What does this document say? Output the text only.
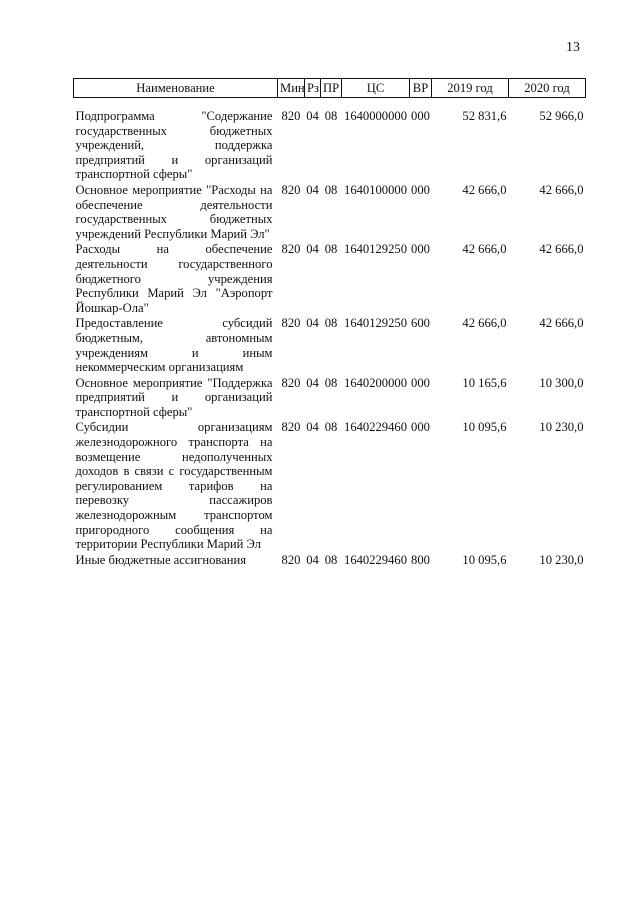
13
Наименование	Мин	Рз	ПР	ЦС	ВР	2019 год	2020 год
Подпрограмма "Содержание государственных бюджетных учреждений, поддержка предприятий и организаций транспортной сферы"	820	04	08	1640000000	000	52 831,6	52 966,0
Основное мероприятие "Расходы на обеспечение деятельности государственных бюджетных учреждений Республики Марий Эл"	820	04	08	1640100000	000	42 666,0	42 666,0
Расходы на обеспечение деятельности государственного бюджетного учреждения Республики Марий Эл "Аэропорт Йошкар-Ола"	820	04	08	1640129250	000	42 666,0	42 666,0
Предоставление субсидий бюджетным, автономным учреждениям и иным некоммерческим организациям	820	04	08	1640129250	600	42 666,0	42 666,0
Основное мероприятие "Поддержка предприятий и организаций транспортной сферы"	820	04	08	1640200000	000	10 165,6	10 300,0
Субсидии организациям железнодорожного транспорта на возмещение недополученных доходов в связи с государственным регулированием тарифов на перевозку пассажиров железнодорожным транспортом пригородного сообщения на территории Республики Марий Эл	820	04	08	1640229460	000	10 095,6	10 230,0
Иные бюджетные ассигнования	820	04	08	1640229460	800	10 095,6	10 230,0
